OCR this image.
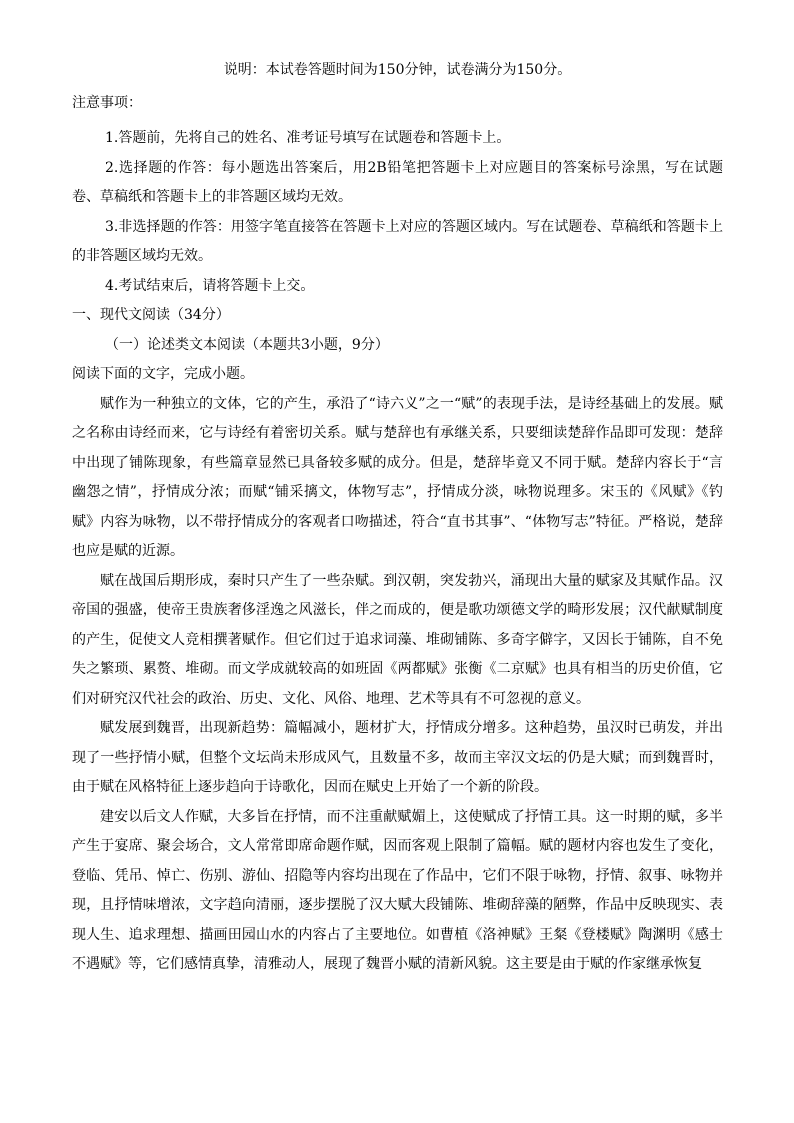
说明：本试卷答题时间为150分钟，试卷满分为150分。

注意事项：

1.答题前，先将自己的姓名、准考证号填写在试题卷和答题卡上。

2.选择题的作答：每小题选出答案后，用2B铅笔把答题卡上对应题目的答案标号涂黑，写在试题卷、草稿纸和答题卡上的非答题区域均无效。

3.非选择题的作答：用签字笔直接答在答题卡上对应的答题区域内。写在试题卷、草稿纸和答题卡上的非答题区域均无效。

4.考试结束后，请将答题卡上交。

一、现代文阅读（34分）

（一）论述类文本阅读（本题共3小题，9分）

阅读下面的文字，完成小题。

赋作为一种独立的文体，它的产生，承沿了“诗六义”之一“赋”的表现手法，是诗经基础上的发展。赋之名称由诗经而来，它与诗经有着密切关系。赋与楚辞也有承继关系，只要细读楚辞作品即可发现：楚辞中出现了铺陈现象，有些篇章显然已具备较多赋的成分。但是，楚辞毕竟又不同于赋。楚辞内容长于“言幽怨之情”，抒情成分浓；而赋“铺采摛文，体物写志”，抒情成分淡，咏物说理多。宋玉的《风赋》《钓赋》内容为咏物，以不带抒情成分的客观者口吻描述，符合“直书其事”、“体物写志”特征。严格说，楚辞也应是赋的近源。

赋在战国后期形成，秦时只产生了一些杂赋。到汉朝，突发勃兴，涌现出大量的赋家及其赋作品。汉帝国的强盛，使帝王贵族奢侈淫逸之风滋长，伴之而成的，便是歌功颂德文学的畸形发展；汉代献赋制度的产生，促使文人竞相撰著赋作。但它们过于追求词藻、堆砌铺陈、多奇字僻字，又因长于铺陈，自不免失之繁琐、累赘、堆砌。而文学成就较高的如班固《两都赋》张衡《二京赋》也具有相当的历史价值，它们对研究汉代社会的政治、历史、文化、风俗、地理、艺术等具有不可忽视的意义。

赋发展到魏晋，出现新趋势：篇幅减小，题材扩大，抒情成分增多。这种趋势，虽汉时已萌发，并出现了一些抒情小赋，但整个文坛尚未形成风气，且数量不多，故而主宰汉文坛的仍是大赋；而到魏晋时，由于赋在风格特征上逐步趋向于诗歌化，因而在赋史上开始了一个新的阶段。

建安以后文人作赋，大多旨在抒情，而不注重献赋媚上，这使赋成了抒情工具。这一时期的赋，多半产生于宴席、聚会场合，文人常常即席命题作赋，因而客观上限制了篇幅。赋的题材内容也发生了变化，登临、凭吊、悼亡、伤别、游仙、招隐等内容均出现在了作品中，它们不限于咏物，抒情、叙事、咏物并现，且抒情味增浓，文字趋向清丽，逐步摆脱了汉大赋大段铺陈、堆砌辞藻的陋弊，作品中反映现实、表现人生、追求理想、描画田园山水的内容占了主要地位。如曹植《洛神赋》王粲《登楼赋》陶渊明《感士不遇赋》等，它们感情真挚，清雅动人，展现了魏晋小赋的清新风貌。这主要是由于赋的作家继承恢复
